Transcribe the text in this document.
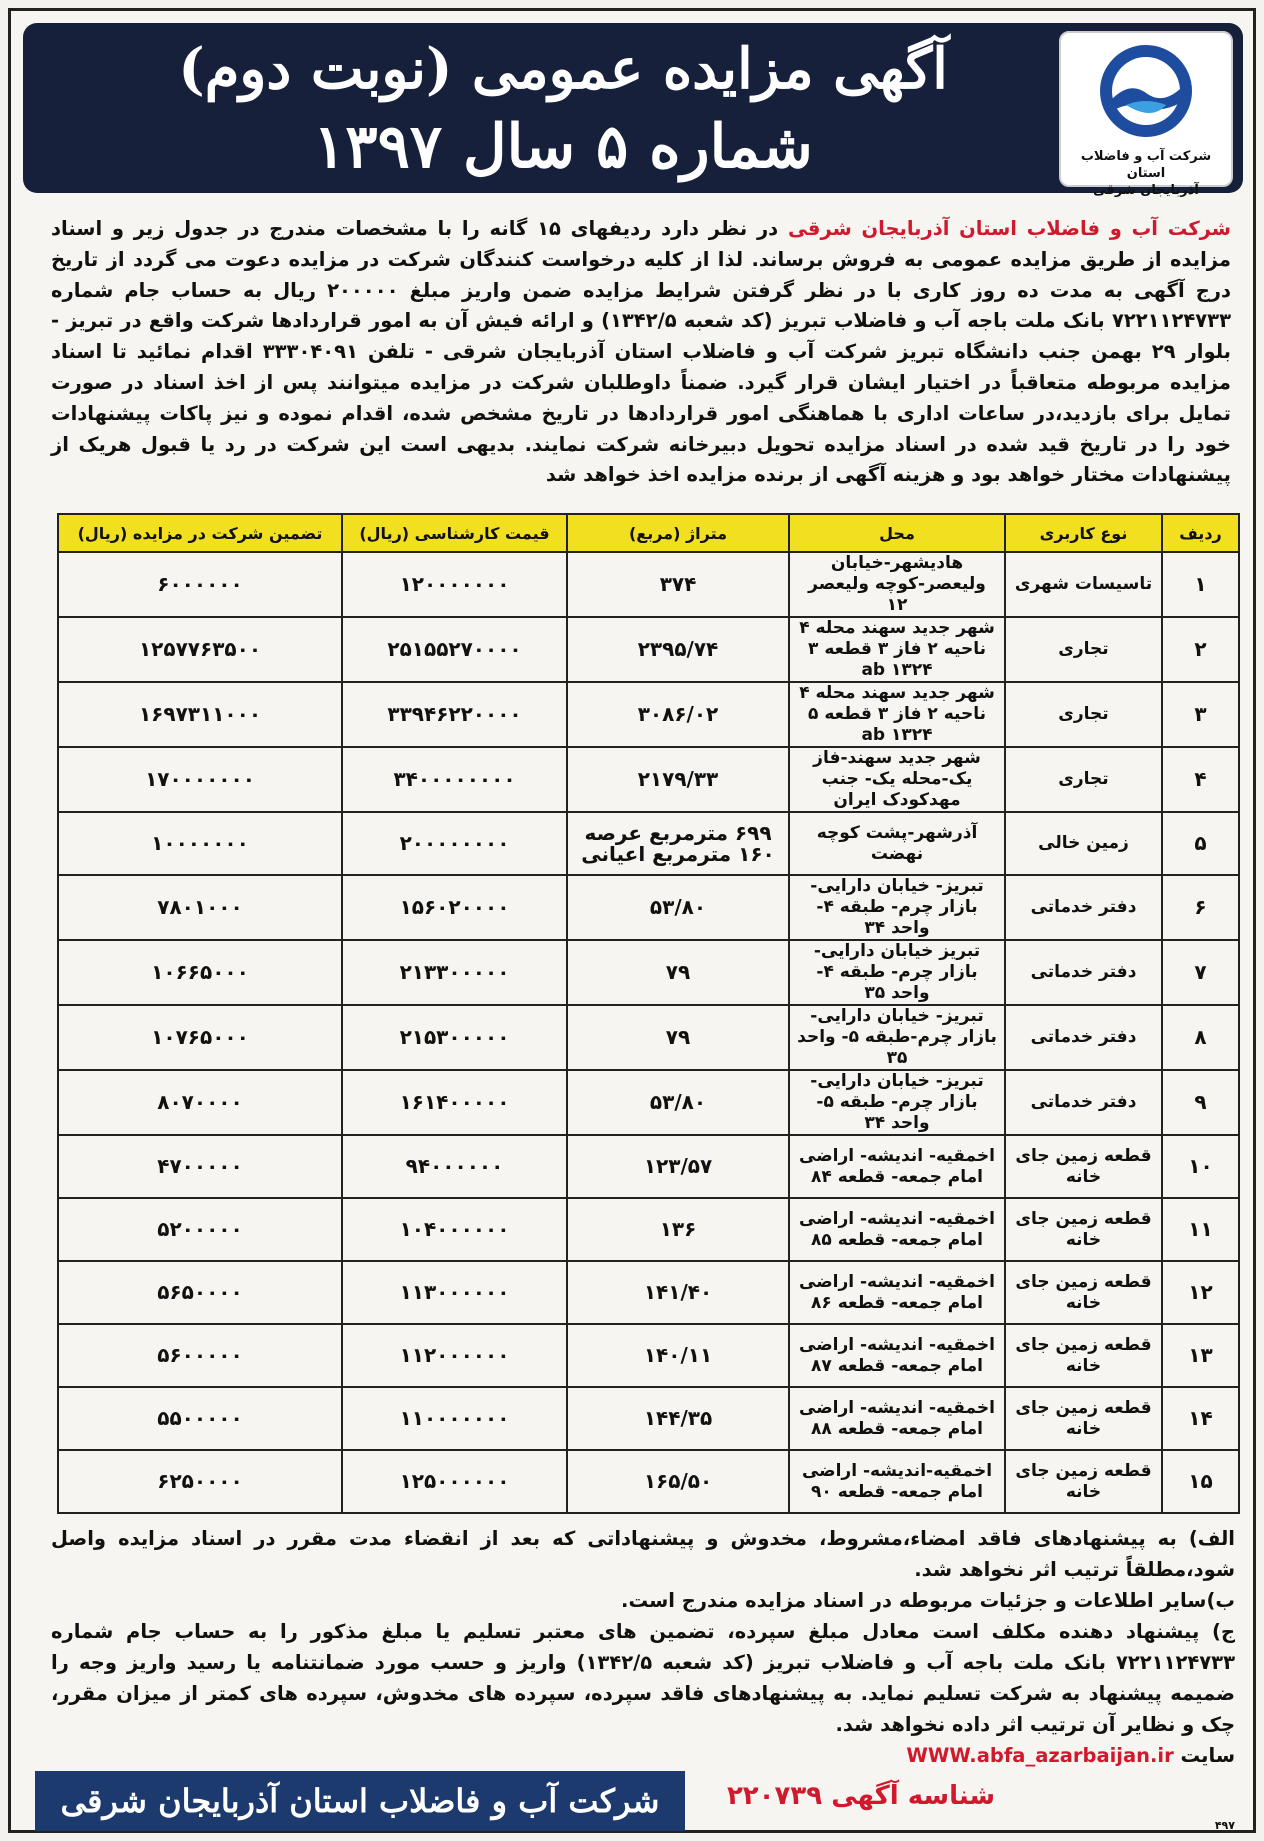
آگهی مزایده عمومی (نوبت دوم)
شماره ۵ سال ۱۳۹۷	شرکت آب و فاضلاب استان
آذربایجان شرقی
شرکت آب و فاضلاب استان آذربایجان شرقی در نظر دارد ردیفهای ۱۵ گانه را با مشخصات مندرج در جدول زیر و اسناد مزایده از طریق مزایده عمومی به فروش برساند. لذا از کلیه درخواست کنندگان شرکت در مزایده دعوت می گردد از تاریخ درج آگهی به مدت ده روز کاری با در نظر گرفتن شرایط مزایده ضمن واریز مبلغ ۲۰۰۰۰۰ ریال به حساب جام شماره ۷۲۲۱۱۲۴۷۳۳ بانک ملت باجه آب و فاضلاب تبریز (کد شعبه ۱۳۴۲/۵) و ارائه فیش آن به امور قراردادها شرکت واقع در تبریز - بلوار ۲۹ بهمن جنب دانشگاه تبریز شرکت آب و فاضلاب استان آذربایجان شرقی - تلفن ۳۳۳۰۴۰۹۱ اقدام نمائید تا اسناد مزایده مربوطه متعاقباً در اختیار ایشان قرار گیرد. ضمناً داوطلبان شرکت در مزایده میتوانند پس از اخذ اسناد در صورت تمایل برای بازدید،در ساعات اداری با هماهنگی امور قراردادها در تاریخ مشخص شده، اقدام نموده و نیز پاکات پیشنهادات خود را در تاریخ قید شده در اسناد مزایده تحویل دبیرخانه شرکت نمایند. بدیهی است این شرکت در رد یا قبول هریک از پیشنهادات مختار خواهد بود و هزینه آگهی از برنده مزایده اخذ خواهد شد
ردیف	نوع کاربری	محل	متراژ (مربع)	قیمت کارشناسی (ریال)	تضمین شرکت در مزایده (ریال)
۱	تاسیسات شهری	هادیشهر-خیابان ولیعصر-کوچه ولیعصر ۱۲	۳۷۴	۱۲۰۰۰۰۰۰۰	۶۰۰۰۰۰۰
۲	تجاری	شهر جدید سهند محله ۴ ناحیه ۲ فاز ۳ قطعه ۳ ab ۱۳۲۴	۲۳۹۵/۷۴	۲۵۱۵۵۲۷۰۰۰۰	۱۲۵۷۷۶۳۵۰۰
۳	تجاری	شهر جدید سهند محله ۴ ناحیه ۲ فاز ۳ قطعه ۵ ab ۱۳۲۴	۳۰۸۶/۰۲	۳۳۹۴۶۲۲۰۰۰۰	۱۶۹۷۳۱۱۰۰۰
۴	تجاری	شهر جدید سهند-فاز یک-محله یک- جنب مهدکودک ایران	۲۱۷۹/۳۳	۳۴۰۰۰۰۰۰۰۰	۱۷۰۰۰۰۰۰۰
۵	زمین خالی	آذرشهر-پشت کوچه نهضت	۶۹۹ مترمربع عرصه ۱۶۰ مترمربع اعیانی	۲۰۰۰۰۰۰۰۰	۱۰۰۰۰۰۰۰
۶	دفتر خدماتی	تبریز- خیابان دارایی- بازار چرم- طبقه ۴- واحد ۳۴	۵۳/۸۰	۱۵۶۰۲۰۰۰۰	۷۸۰۱۰۰۰
۷	دفتر خدماتی	تبریز خیابان دارایی- بازار چرم- طبقه ۴- واحد ۳۵	۷۹	۲۱۳۳۰۰۰۰۰	۱۰۶۶۵۰۰۰
۸	دفتر خدماتی	تبریز- خیابان دارایی- بازار چرم-طبقه ۵- واحد ۳۵	۷۹	۲۱۵۳۰۰۰۰۰	۱۰۷۶۵۰۰۰
۹	دفتر خدماتی	تبریز- خیابان دارایی- بازار چرم- طبقه ۵- واحد ۳۴	۵۳/۸۰	۱۶۱۴۰۰۰۰۰	۸۰۷۰۰۰۰
۱۰	قطعه زمین جای خانه	اخمقیه- اندیشه- اراضی امام جمعه- قطعه ۸۴	۱۲۳/۵۷	۹۴۰۰۰۰۰۰	۴۷۰۰۰۰۰
۱۱	قطعه زمین جای خانه	اخمقیه- اندیشه- اراضی امام جمعه- قطعه ۸۵	۱۳۶	۱۰۴۰۰۰۰۰۰	۵۲۰۰۰۰۰
۱۲	قطعه زمین جای خانه	اخمقیه- اندیشه- اراضی امام جمعه- قطعه ۸۶	۱۴۱/۴۰	۱۱۳۰۰۰۰۰۰	۵۶۵۰۰۰۰
۱۳	قطعه زمین جای خانه	اخمقیه- اندیشه- اراضی امام جمعه- قطعه ۸۷	۱۴۰/۱۱	۱۱۲۰۰۰۰۰۰	۵۶۰۰۰۰۰
۱۴	قطعه زمین جای خانه	اخمقیه- اندیشه- اراضی امام جمعه- قطعه ۸۸	۱۴۴/۳۵	۱۱۰۰۰۰۰۰۰	۵۵۰۰۰۰۰
۱۵	قطعه زمین جای خانه	اخمقیه-اندیشه- اراضی امام جمعه- قطعه ۹۰	۱۶۵/۵۰	۱۲۵۰۰۰۰۰۰	۶۲۵۰۰۰۰

الف) به پیشنهادهای فاقد امضاء،مشروط، مخدوش و پیشنهاداتی که بعد از انقضاء مدت مقرر در اسناد مزایده واصل شود،مطلقاً ترتیب اثر نخواهد شد.

ب)سایر اطلاعات و جزئیات مربوطه در اسناد مزایده مندرج است.

ج) پیشنهاد دهنده مکلف است معادل مبلغ سپرده، تضمین های معتبر تسلیم یا مبلغ مذکور را به حساب جام شماره ۷۲۲۱۱۲۴۷۳۳ بانک ملت باجه آب و فاضلاب تبریز (کد شعبه ۱۳۴۲/۵) واریز و حسب مورد ضمانتنامه یا رسید واریز وجه را ضمیمه پیشنهاد به شرکت تسلیم نماید. به پیشنهادهای فاقد سپرده، سپرده های مخدوش، سپرده های کمتر از میزان مقرر، چک و نظایر آن ترتیب اثر داده نخواهد شد.

سایت WWW.abfa_azarbaijan.ir

شرکت آب و فاضلاب استان آذربایجان شرقی	شناسه آگهی ۲۲۰۷۳۹
۴۹۷
